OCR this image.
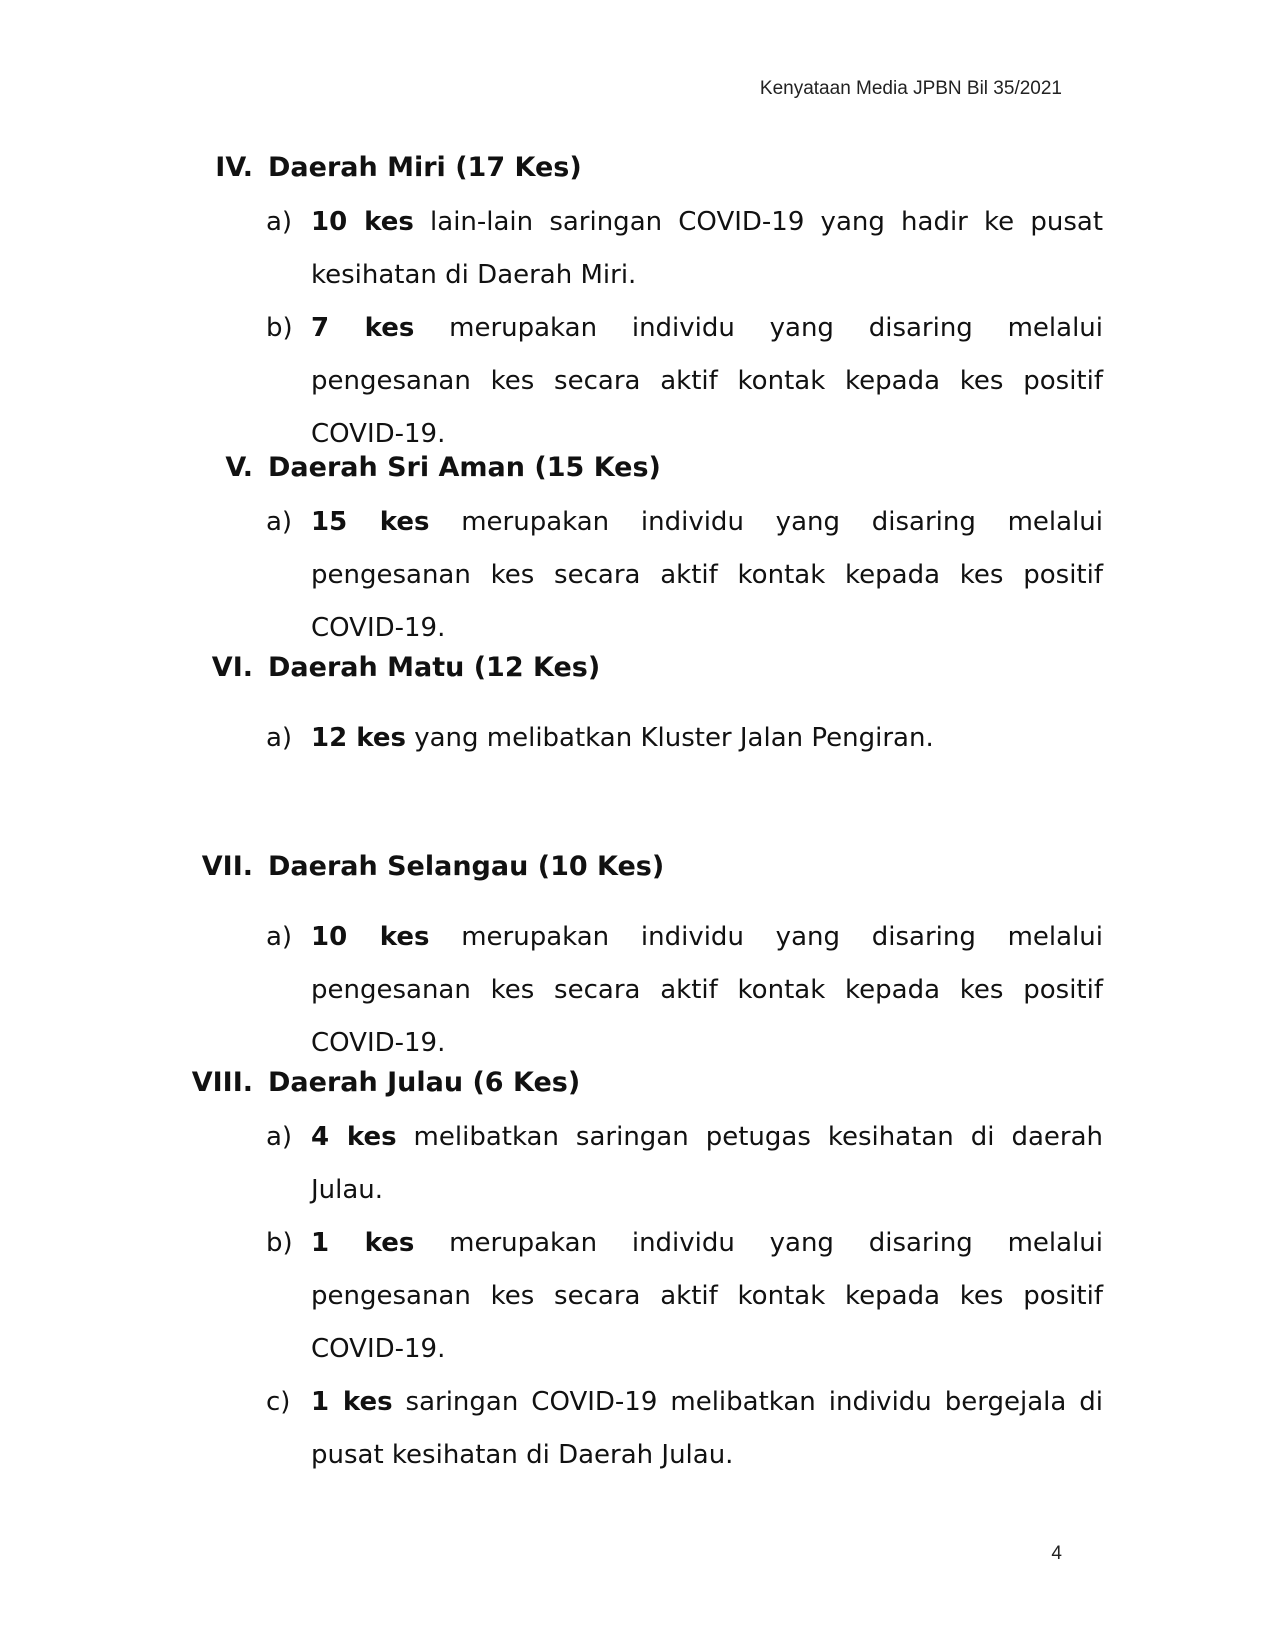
Kenyataan Media JPBN Bil 35/2021
IV. Daerah Miri (17 Kes)
a) 10 kes lain-lain saringan COVID-19 yang hadir ke pusat kesihatan di Daerah Miri.
b) 7 kes merupakan individu yang disaring melalui pengesanan kes secara aktif kontak kepada kes positif COVID-19.
V. Daerah Sri Aman (15 Kes)
a) 15 kes merupakan individu yang disaring melalui pengesanan kes secara aktif kontak kepada kes positif COVID-19.
VI. Daerah Matu (12 Kes)
a) 12 kes yang melibatkan Kluster Jalan Pengiran.
VII. Daerah Selangau (10 Kes)
a) 10 kes merupakan individu yang disaring melalui pengesanan kes secara aktif kontak kepada kes positif COVID-19.
VIII. Daerah Julau (6 Kes)
a) 4 kes melibatkan saringan petugas kesihatan di daerah Julau.
b) 1 kes merupakan individu yang disaring melalui pengesanan kes secara aktif kontak kepada kes positif COVID-19.
c) 1 kes saringan COVID-19 melibatkan individu bergejala di pusat kesihatan di Daerah Julau.
4
